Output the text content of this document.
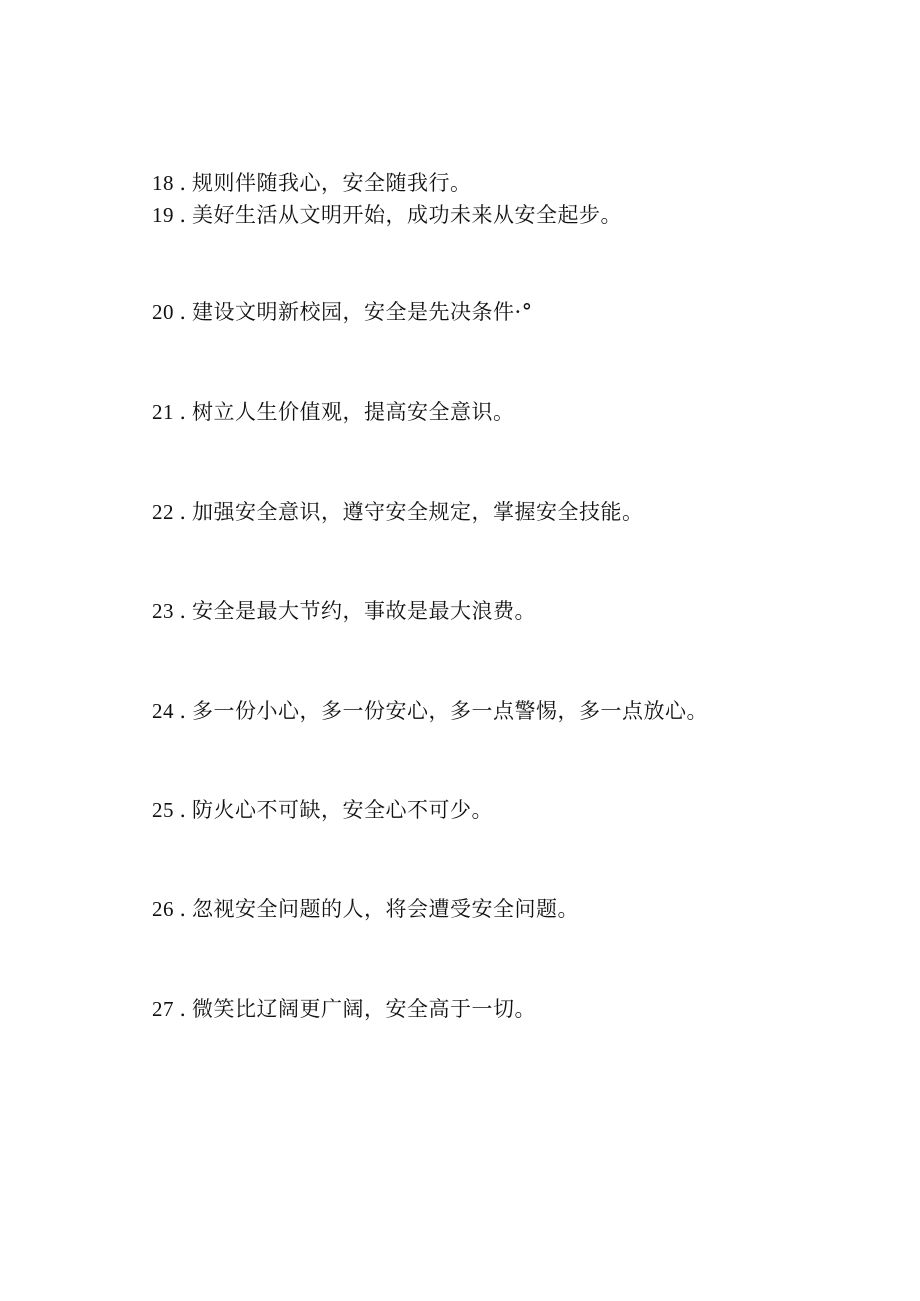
18 . 规则伴随我心，安全随我行。
19 . 美好生活从文明开始，成功未来从安全起步。
20 . 建设文明新校园，安全是先决条件·°
21 . 树立人生价值观，提高安全意识。
22 . 加强安全意识，遵守安全规定，掌握安全技能。
23 . 安全是最大节约，事故是最大浪费。
24 . 多一份小心，多一份安心，多一点警惕，多一点放心。
25 . 防火心不可缺，安全心不可少。
26 . 忽视安全问题的人，将会遭受安全问题。
27 . 微笑比辽阔更广阔，安全高于一切。
